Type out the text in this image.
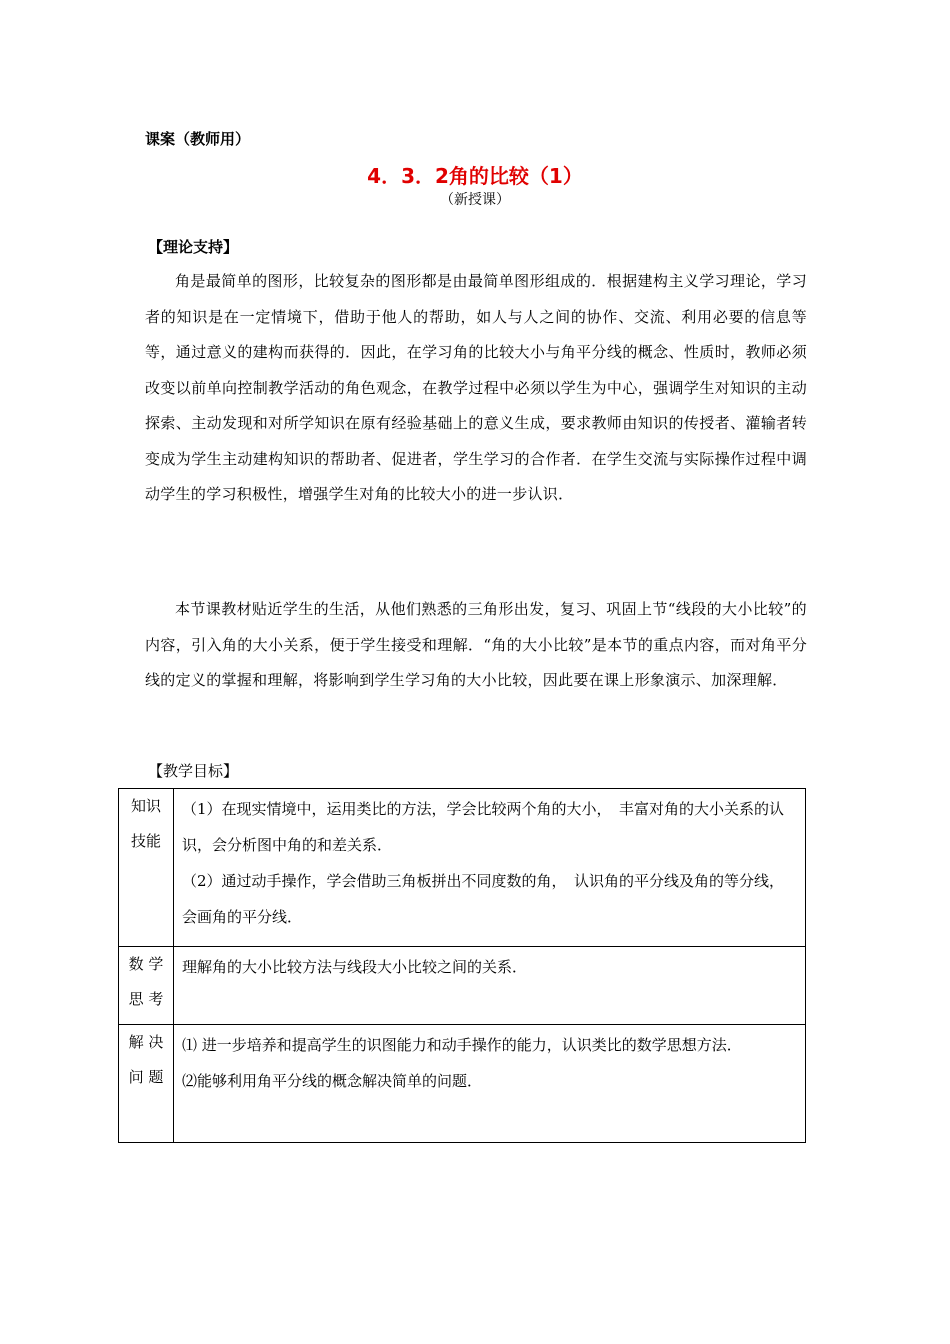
课案（教师用）
4．3．2角的比较（1）
（新授课）
【理论支持】
角是最简单的图形，比较复杂的图形都是由最简单图形组成的．根据建构主义学习理论，学习者的知识是在一定情境下，借助于他人的帮助，如人与人之间的协作、交流、利用必要的信息等等，通过意义的建构而获得的．因此，在学习角的比较大小与角平分线的概念、性质时，教师必须改变以前单向控制教学活动的角色观念，在教学过程中必须以学生为中心，强调学生对知识的主动探索、主动发现和对所学知识在原有经验基础上的意义生成，要求教师由知识的传授者、灌输者转变成为学生主动建构知识的帮助者、促进者，学生学习的合作者．在学生交流与实际操作过程中调动学生的学习积极性，增强学生对角的比较大小的进一步认识．
本节课教材贴近学生的生活，从他们熟悉的三角形出发，复习、巩固上节“线段的大小比较”的内容，引入角的大小关系，便于学生接受和理解．“角的大小比较”是本节的重点内容，而对角平分线的定义的掌握和理解，将影响到学生学习角的大小比较，因此要在课上形象演示、加深理解．
【教学目标】
知识
技能	（1）在现实情境中，运用类比的方法，学会比较两个角的大小，　丰富对角的大小关系的认识，会分析图中角的和差关系．
（2）通过动手操作，学会借助三角板拼出不同度数的角，　认识角的平分线及角的等分线，会画角的平分线．

数 学
思 考	理解角的大小比较方法与线段大小比较之间的关系．

解 决
问 题	⑴ 进一步培养和提高学生的识图能力和动手操作的能力，认识类比的数学思想方法．
⑵能够利用角平分线的概念解决简单的问题．
